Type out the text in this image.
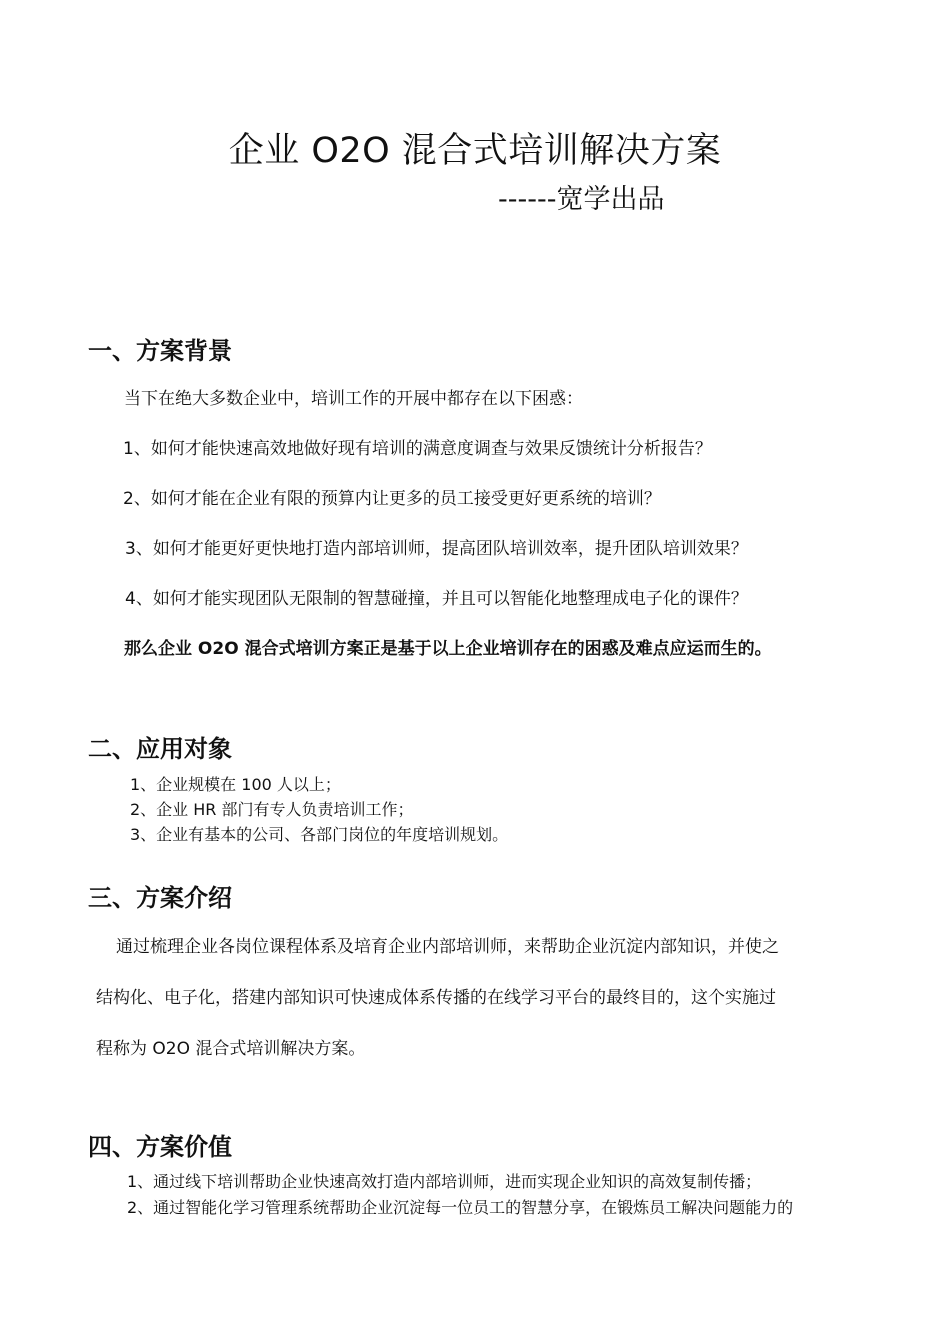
企业 O2O 混合式培训解决方案
------宽学出品
一、方案背景
当下在绝大多数企业中，培训工作的开展中都存在以下困惑：
1、如何才能快速高效地做好现有培训的满意度调查与效果反馈统计分析报告？
2、如何才能在企业有限的预算内让更多的员工接受更好更系统的培训？
3、如何才能更好更快地打造内部培训师，提高团队培训效率，提升团队培训效果？
4、如何才能实现团队无限制的智慧碰撞，并且可以智能化地整理成电子化的课件？
那么企业 O2O 混合式培训方案正是基于以上企业培训存在的困惑及难点应运而生的。
二、应用对象
1、企业规模在 100 人以上；
2、企业 HR 部门有专人负责培训工作；
3、企业有基本的公司、各部门岗位的年度培训规划。
三、方案介绍
通过梳理企业各岗位课程体系及培育企业内部培训师，来帮助企业沉淀内部知识，并使之
结构化、电子化，搭建内部知识可快速成体系传播的在线学习平台的最终目的，这个实施过
程称为 O2O 混合式培训解决方案。
四、方案价值
1、通过线下培训帮助企业快速高效打造内部培训师，进而实现企业知识的高效复制传播；
2、通过智能化学习管理系统帮助企业沉淀每一位员工的智慧分享，在锻炼员工解决问题能力的
